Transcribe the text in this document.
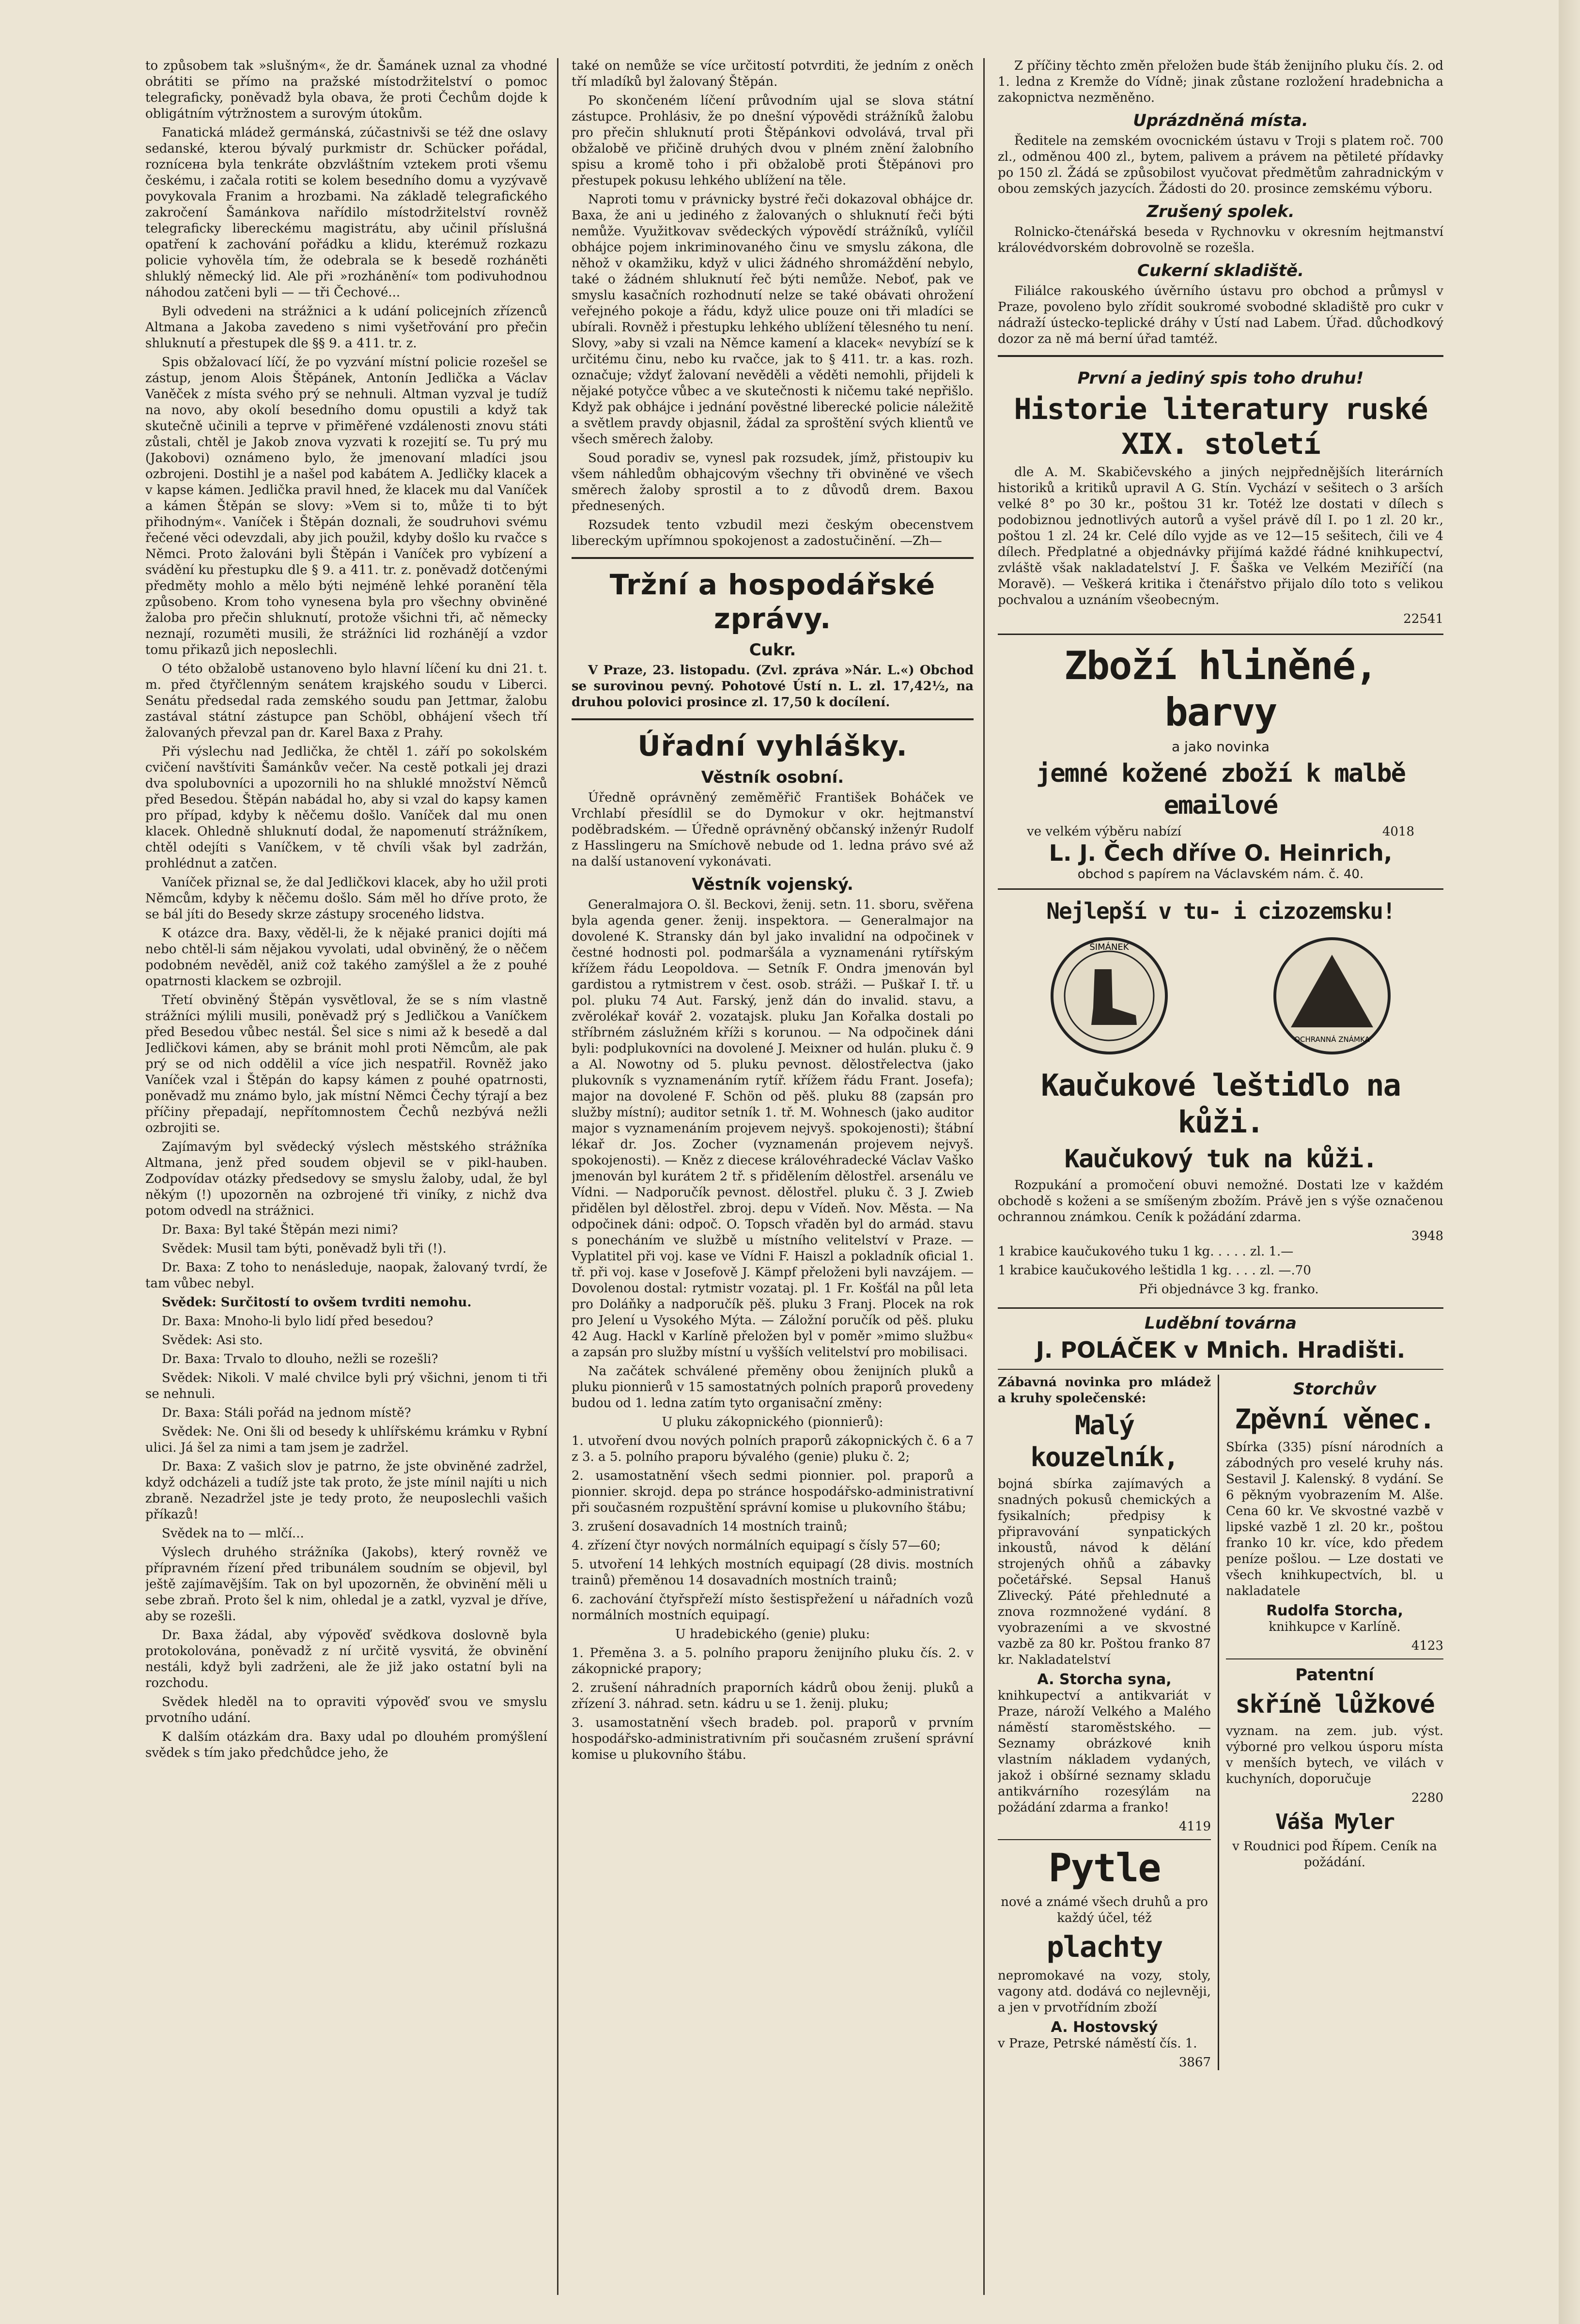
to způsobem tak »slušným«, že dr. Šamánek uznal za vhodné obrátiti se přímo na pražské místodržitelství o pomoc telegraficky, poněvadž byla obava, že proti Čechům dojde k obligátním výtržnostem a surovým útokům.

Fanatická mládež germánská, zúčastnivši se též dne oslavy sedanské, kterou bývalý purkmistr dr. Schücker pořádal, rozníceна byla tenkráte obzvláštním vztekem proti všemu českému, i začala rotiti se kolem besedního domu a vyzývavě povykovala Franim a hrozbami. Na základě telegrafického zakročení Šamánkova nařídilo místodržitelství rovněž telegraficky libereckému magistrátu, aby učinil příslušná opatření k zachování pořádku a klidu, kterémuž rozkazu policie vyhověla tím, že odebrala se k besedě rozháněti shluklý německý lid. Ale při »rozhánění« tom podivuhodnou náhodou zatčeni byli — — tři Čechové...

Byli odvedeni na strážnici a k udání policejních zřízenců Altmana a Jakoba zavedeno s nimi vyšetřování pro přečin shluknutí a přestupek dle §§ 9. a 411. tr. z.

Spis obžalovací líčí, že po vyzvání místní policie rozešel se zástup, jenom Alois Štěpánek, Antonín Jedlička a Václav Vaněček z místa svého prý se nehnuli. Altman vyzval je tudíž na novo, aby okolí besedního domu opustili a když tak skutečně učinili a teprve v přiměřené vzdálenosti znovu státi zůstali, chtěl je Jakob znova vyzvati k rozejití se. Tu prý mu (Jakobovi) oznámeno bylo, že jmenovaní mladíci jsou ozbrojeni. Dostihl je a našel pod kabátem A. Jedličky klacek a v kapse kámen. Jedlička pravil hned, že klacek mu dal Vaníček a kámen Štěpán se slovy: »Vem si to, může ti to být přihodným«. Vaníček i Štěpán doznali, že soudruhovi svému řečené věci odevzdali, aby jich použil, kdyby došlo ku rvačce s Němci. Proto žalováni byli Štěpán i Vaníček pro vybízení a svádění ku přestupku dle § 9. a 411. tr. z. poněvadž dotčenými předměty mohlo a mělo býti nejméně lehké poranění těla způsobeno. Krom toho vynesena byla pro všechny obviněné žaloba pro přečin shluknutí, protože všichni tři, ač německy neznají, rozuměti musili, že strážníci lid rozhánějí a vzdor tomu přikazů jich neposlechli.

O této obžalobě ustanoveno bylo hlavní líčení ku dni 21. t. m. před čtyřčlenným senátem krajského soudu v Liberci. Senátu předsedal rada zemského soudu pan Jettmar, žalobu zastával státní zástupce pan Schöbl, obhájení všech tří žalovaných převzal pan dr. Karel Baxa z Prahy.

Při výslechu nad Jedlička, že chtěl 1. září po sokolském cvičení navštíviti Šamánkův večer. Na cestě potkali jej drazi dva spolubovníci a upozornili ho na shluklé množství Němců před Besedou. Štěpán nabádal ho, aby si vzal do kapsy kamen pro případ, kdyby k něčemu došlo. Vaníček dal mu onen klacek. Ohledně shluknutí dodal, že napomenutí strážníkem, chtěl odejíti s Vaníčkem, v tě chvíli však byl zadržán, prohlédnut a zatčen.

Vaníček přiznal se, že dal Jedličkovi klacek, aby ho užil proti Němcům, kdyby k něčemu došlo. Sám měl ho dříve proto, že se bál jíti do Besedy skrze zástupy sroceného lidstva.

K otázce dra. Baxy, věděl-li, že k nějaké pranici dojíti má nebo chtěl-li sám nějakou vyvolati, udal obviněný, že o něčem podobném nevěděl, aniž což takého zamýšlel a že z pouhé opatrnosti klackem se ozbrojil.

Třetí obviněný Štěpán vysvětloval, že se s ním vlastně strážníci mýlili musili, poněvadž prý s Jedličkou a Vaníčkem před Besedou vůbec nestál. Šel sice s nimi až k besedě a dal Jedličkovi kámen, aby se bránit mohl proti Němcům, ale pak prý se od nich oddělil a více jich nespatřil. Rovněž jako Vaníček vzal i Štěpán do kapsy kámen z pouhé opatrnosti, poněvadž mu známo bylo, jak místní Němci Čechy týrají a bez příčiny přepadají, nepřítomnostem Čechů nezbývá nežli ozbrojiti se.

Zajímavým byl svědecký výslech městského strážníka Altmana, jenž před soudem objevil se v pikl-hauben. Zodpovídav otázky předsedovy se smyslu žaloby, udal, že byl někým (!) upozorněn na ozbrojené tři viníky, z nichž dva potom odvedl na strážnici.

Dr. Baxa: Byl také Štěpán mezi nimi?

Svědek: Musil tam býti, poněvadž byli tři (!).

Dr. Baxa: Z toho to nenásleduje, naopak, žalovaný tvrdí, že tam vůbec nebyl.

Svědek: Surčitostí to ovšem tvrditi nemohu.

Dr. Baxa: Mnoho-li bylo lidí před besedou?

Svědek: Asi sto.

Dr. Baxa: Trvalo to dlouho, nežli se rozešli?

Svědek: Nikoli. V malé chvilce byli prý všichni, jenom ti tři se nehnuli.

Dr. Baxa: Stáli pořád na jednom místě?

Svědek: Ne. Oni šli od besedy k uhlířskému krámku v Rybní ulici. Já šel za nimi a tam jsem je zadržel.

Dr. Baxa: Z vašich slov je patrno, že jste obviněné zadržel, když odcházeli a tudíž jste tak proto, že jste mínil najíti u nich zbraně. Nezadržel jste je tedy proto, že neuposlechli vašich příkazů!

Svědek na to — mlčí...

Výslech druhého strážníka (Jakobs), který rovněž ve přípravném řízení před tribunálem soudním se objevil, byl ještě zajímavějším. Tak on byl upozorněn, že obvinění měli u sebe zbraň. Proto šel k nim, ohledal je a zatkl, vyzval je dříve, aby se rozešli.

Dr. Baxa žádal, aby výpověď svědkova doslovně byla protokolována, poněvadž z ní určitě vysvitá, že obvinění nestáli, když byli zadrženi, ale že již jako ostatní byli na rozchodu.

Svědek hleděl na to opraviti výpověď svou ve smyslu prvotního udání.

K dalším otázkám dra. Baxy udal po dlouhém promýšlení svědek s tím jako předchůdce jeho, že

také on nemůže se více určitostí potvrditi, že jedním z oněch tří mladíků byl žalovaný Štěpán.

Po skončeném líčení průvodním ujal se slova státní zástupce. Prohlásiv, že po dnešní výpovědi strážníků žalobu pro přečin shluknutí proti Štěpánkovi odvolává, trval při obžalobě ve přičině druhých dvou v plném znění žalobního spisu a kromě toho i při obžalobě proti Štěpánovi pro přestupek pokusu lehkého ublížení na těle.

Naproti tomu v právnicky bystré řeči dokazoval obhájce dr. Baxa, že ani u jediného z žalovaných o shluknutí řeči býti nemůže. Využitkovav svědeckých výpovědí strážníků, vylíčil obhájce pojem inkriminovaného činu ve smyslu zákona, dle něhož v okamžiku, když v ulici žádného shromáždění nebylo, také o žádném shluknutí řeč býti nemůže. Neboť, pak ve smyslu kasačních rozhodnutí nelze se také obávati ohrožení veřejného pokoje a řádu, když ulice pouze oni tři mladíci se ubírali. Rovněž i přestupku lehkého ublížení tělesného tu není. Slovy, »aby si vzali na Němce kamení a klacek« nevybízí se k určitému činu, nebo ku rvačce, jak to § 411. tr. a kas. rozh. označuje; vždyť žalovaní nevěděli a věděti nemohli, přijdeli k nějaké potyčce vůbec a ve skutečnosti k ničemu také nepřišlo. Když pak obhájce i jednání pověstné liberecké policie náležitě a světlem pravdy objasnil, žádal za sproštění svých klientů ve všech směrech žaloby.

Soud poradiv se, vynesl pak rozsudek, jímž, přistoupiv ku všem náhledům obhajcovým všechny tři obviněné ve všech směrech žaloby sprostil a to z důvodů drem. Baxou přednesených.

Rozsudek tento vzbudil mezi českým obecenstvem libereckým upřímnou spokojenost a zadostučinění. —Zh—

Tržní a hospodářské zprávy.
Cukr.

V Praze, 23. listopadu. (Zvl. zpráva »Nár. L.«) Obchod se surovinou pevný. Pohotové Ústí n. L. zl. 17,42½, na druhou polovici prosince zl. 17,50 k docílení.

Úřadní vyhlášky.
Věstník osobní.

Úředně oprávněný zeměměřič František Boháček ve Vrchlabí přesídlil se do Dymokur v okr. hejtmanství poděbradském. — Úředně oprávněný občanský inženýr Rudolf z Hasslingeru na Smíchově nebude od 1. ledna právo své až na další ustanovení vykonávati.

Věstník vojenský.

Generalmajora O. šl. Beckovi, ženij. setn. 11. sboru, svěřena byla agenda gener. ženij. inspektora. — Generalmajor na dovolené K. Stransky dán byl jako invalidní na odpočinek v čestné hodnosti pol. podmaršála a vyznamenáni rytířským křížem řádu Leopoldova. — Setník F. Ondra jmenován byl gardistou a rytmistrem v čest. osob. stráži. — Puškař I. tř. u pol. pluku 74 Aut. Farský, jenž dán do invalid. stavu, a zvěrolékař kovář 2. vozatajsk. pluku Jan Kořalka dostali po stříbrném záslužném kříži s korunou. — Na odpočinek dáni byli: podplukovníci na dovolené J. Meixner od hulán. pluku č. 9 a Al. Nowotny od 5. pluku pevnost. dělostřelectva (jako plukovník s vyznamenáním rytíř. křížem řádu Frant. Josefa); major na dovolené F. Schön od pěš. pluku 88 (zapsán pro služby místní); auditor setník 1. tř. M. Wohnesch (jako auditor major s vyznamenáním projevem nejvyš. spokojenosti); štábní lékař dr. Jos. Zocher (vyznamenán projevem nejvyš. spokojenosti). — Kněz z diecese královéhradecké Václav Vaško jmenován byl kurátem 2 tř. s přidělením dělostřel. arsenálu ve Vídni. — Nadporučík pevnost. dělostřel. pluku č. 3 J. Zwieb přidělen byl dělostřel. zbroj. depu v Vídeň. Nov. Města. — Na odpočinek dáni: odpoč. O. Topsch vřaděn byl do armád. stavu s ponecháním ve službě u místního velitelství v Praze. — Vyplatitel při voj. kase ve Vídni F. Haiszl a pokladník oficial 1. tř. při voj. kase v Josefově J. Kämpf přeloženi byli navzájem. — Dovolenou dostal: rytmistr vozataj. pl. 1 Fr. Košťál na půl leta pro Doláňky a nadporučík pěš. pluku 3 Franj. Plocek na rok pro Jelení u Vysokého Mýta. — Záložní poručík od pěš. pluku 42 Aug. Hackl v Karlíně přeložen byl v poměr »mimo službu« a zapsán pro služby místní u vyšších velitelství pro mobilisaci.

Na začátek schválené přeměny obou ženijních pluků a pluku pionnierů v 15 samostatných polních praporů provedeny budou od 1. ledna zatím tyto organisační změny:

U pluku zákopnického (pionnierů):

1. utvoření dvou nových polních praporů zákopnických č. 6 a 7 z 3. a 5. polního praporu bývalého (genie) pluku č. 2;

2. usamostatnění všech sedmi pionnier. pol. praporů a pionnier. skrojd. depa po stránce hospodářsko-administrativní při současném rozpuštění správní komise u plukovního štábu;

3. zrušení dosavadních 14 mostních trainů;

4. zřízení čtyr nových normálních equipagí s čísly 57—60;

5. utvoření 14 lehkých mostních equipagí (28 divis. mostních trainů) přeměnou 14 dosavadních mostních trainů;

6. zachování čtyřspřeží místo šestispřežení u nářadních vozů normálních mostních equipagí.

U hradebického (genie) pluku:

1. Přeměna 3. a 5. polního praporu ženijního pluku čís. 2. v zákopnické prapory;

2. zrušení náhradních praporních kádrů obou ženij. pluků a zřízení 3. náhrad. setn. kádru u se 1. ženij. pluku;

3. usamostatnění všech bradeb. pol. praporů v prvním hospodářsko-administrativním při současném zrušení správní komise u plukovního štábu.

Z příčiny těchto změn přeložen bude štáb ženijního pluku čís. 2. od 1. ledna z Kremže do Vídně; jinak zůstane rozložení hradebnicha a zakopnictva nezměněno.

Uprázdněná místa.

Ředitele na zemském ovocnickém ústavu v Troji s platem roč. 700 zl., odměnou 400 zl., bytem, palivem a právem na pětileté přídavky po 150 zl. Žádá se způsobilost vyučovat předmětům zahradnickým v obou zemských jazycích. Žádosti do 20. prosince zemskému výboru.

Zrušený spolek.

Rolnicko-čtenářská beseda v Rychnovku v okresním hejtmanství královédvorském dobrovolně se rozešla.

Cukerní skladiště.

Filiálce rakouského úvěrního ústavu pro obchod a průmysl v Praze, povoleno bylo zřídit soukromé svobodné skladiště pro cukr v nádraží ústecko-teplické dráhy v Ústí nad Labem. Úřad. důchodkový dozor za ně má berní úřad tamtéž.

První a jediný spis toho druhu!
Historie literatury ruské XIX. století

dle A. M. Skabičevského a jiných nejpřednějších literárních historiků a kritiků upravil A G. Stín. Vychází v sešitech o 3 arších velké 8° po 30 kr., poštou 31 kr. Totéž lze dostati v dílech s podobiznou jednotlivých autorů a vyšel právě díl I. po 1 zl. 20 kr., poštou 1 zl. 24 kr. Celé dílo vyjde as ve 12—15 sešitech, čili ve 4 dílech. Předplatné a objednávky přijímá každé řádné knihkupectví, zvláště však nakladatelství J. F. Šaška ve Velkém Meziříčí (na Moravě). — Veškerá kritika i čtenářstvo přijalo dílo toto s velikou pochvalou a uznáním všeobecným.

22541
Zboží hliněné, barvy
a jako novinka
jemné kožené zboží k malbě emailové
ve velkém výběru nabízí	4018
L. J. Čech dříve O. Heinrich,
obchod s papírem na Václavském nám. č. 40.
Nejlepší v tu- i cizozemsku!
ŠIMÁNEK
OCHRANNÁ ZNÁMKA
Kaučukové leštidlo na kůži.
Kaučukový tuk na kůži.

Rozpukání a promočení obuvi nemožné. Dostati lze v každém obchodě s koženi a se smíšeným zbožím. Právě jen s výše označenou ochrannou známkou. Ceník k požádání zdarma.

3948

1 krabice kaučukového tuku 1 kg. . . . . zl. 1.—

1 krabice kaučukového leštidla 1 kg. . . . zl. —.70

Při objednávce 3 kg. franko.

Luděbní továrna
J. POLÁČEK v Mnich. Hradišti.

Zábavná novinka pro mládež a kruhy společenské:

Malý kouzelník,

bojná sbírka zajímavých a snadných pokusů chemických a fysikalních; předpisy k připravování synpatických inkoustů, návod k dělání strojených ohňů a zábavky početářské. Sepsal Hanuš Zlivecký. Páté přehlednuté a znova rozmnožené vydání. 8 vyobrazeními a ve skvostné vazbě za 80 kr. Poštou franko 87 kr. Nakladatelství

A. Storcha syna,

knihkupectví a antikvariát v Praze, nároží Velkého a Malého náměstí staroměstského. — Seznamy obrázkové knih vlastním nákladem vydaných, jakož i obšírné seznamy skladu antikvárního rozesýlám na požádání zdarma a franko!

4119
Pytle

nové a známé všech druhů a pro každý účel, též

plachty

nepromokavé na vozy, stoly, vagony atd. dodává co nejlevněji, a jen v prvotřídním zboží

A. Hostovský

v Praze, Petrské náměstí čís. 1.

3867
Storchův
Zpěvní věnec.

Sbírka (335) písní národních a zábodných pro veselé kruhy nás. Sestavil J. Kalenský. 8 vydání. Se 6 pěkným vyobrazením M. Alše. Cena 60 kr. Ve skvostné vazbě v lipské vazbě 1 zl. 20 kr., poštou franko 10 kr. více, kdo předem peníze pošlou. — Lze dostati ve všech knihkupectvích, bl. u nakladatele

Rudolfa Storcha,

knihkupce v Karlíně.

4123
Patentní
skříně lůžkové

vyznam. na zem. jub. výst. výborné pro velkou úsporu místa v menších bytech, ve vilách v kuchyních, doporučuje

2280
Váša Myler

v Roudnici pod Řípem. Ceník na požádání.
